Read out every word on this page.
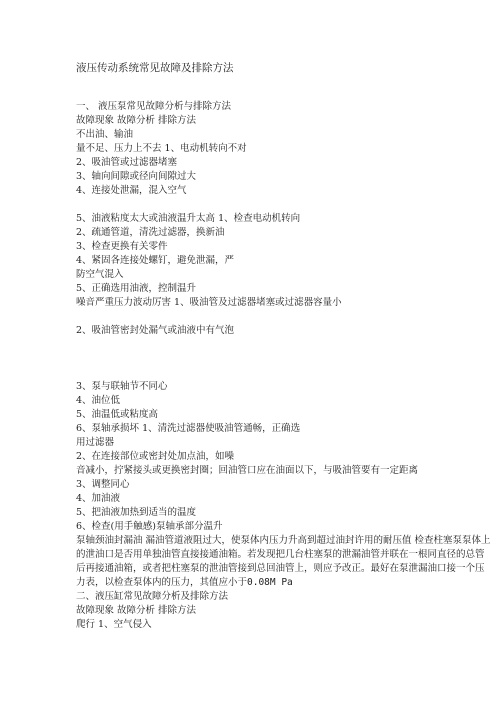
液压传动系统常见故障及排除方法
一、 液压泵常见故障分析与排除方法
故障现象 故障分析 排除方法
不出油、输油
量不足、压力上不去 1、电动机转向不对
2、吸油管或过滤器堵塞
3、轴向间隙或径向间隙过大
4、连接处泄漏，混入空气
5、油液粘度太大或油液温升太高 1、检查电动机转向
2、疏通管道，清洗过滤器，换新油
3、检查更换有关零件
4、紧固各连接处螺钉，避免泄漏，严
防空气混入
5、正确选用油液，控制温升
噪音严重压力波动厉害 1、吸油管及过滤器堵塞或过滤器容量小
2、吸油管密封处漏气或油液中有气泡
3、泵与联轴节不同心
4、油位低
5、油温低或粘度高
6、泵轴承损坏 1、清洗过滤器使吸油管通畅，正确选
用过滤器
2、在连接部位或密封处加点油，如噪
音减小，拧紧接头或更换密封圈；回油管口应在油面以下，与吸油管要有一定距离
3、调整同心
4、加油液
5、把油液加热到适当的温度
6、检查(用手触感)泵轴承部分温升
泵轴颈油封漏油 漏油管道液阻过大，使泵体内压力升高到超过油封许用的耐压值 检查柱塞泵泵体上的泄油口是否用单独油管直接接通油箱。若发现把几台柱塞泵的泄漏油管并联在一根同直径的总管后再接通油箱，或者把柱塞泵的泄油管接到总回油管上，则应予改正。最好在泵泄漏油口接一个压力表，以检查泵体内的压力，其值应小于0.08M Pa
二、液压缸常见故障分析及排除方法
故障现象 故障分析 排除方法
爬行 1、空气侵入
